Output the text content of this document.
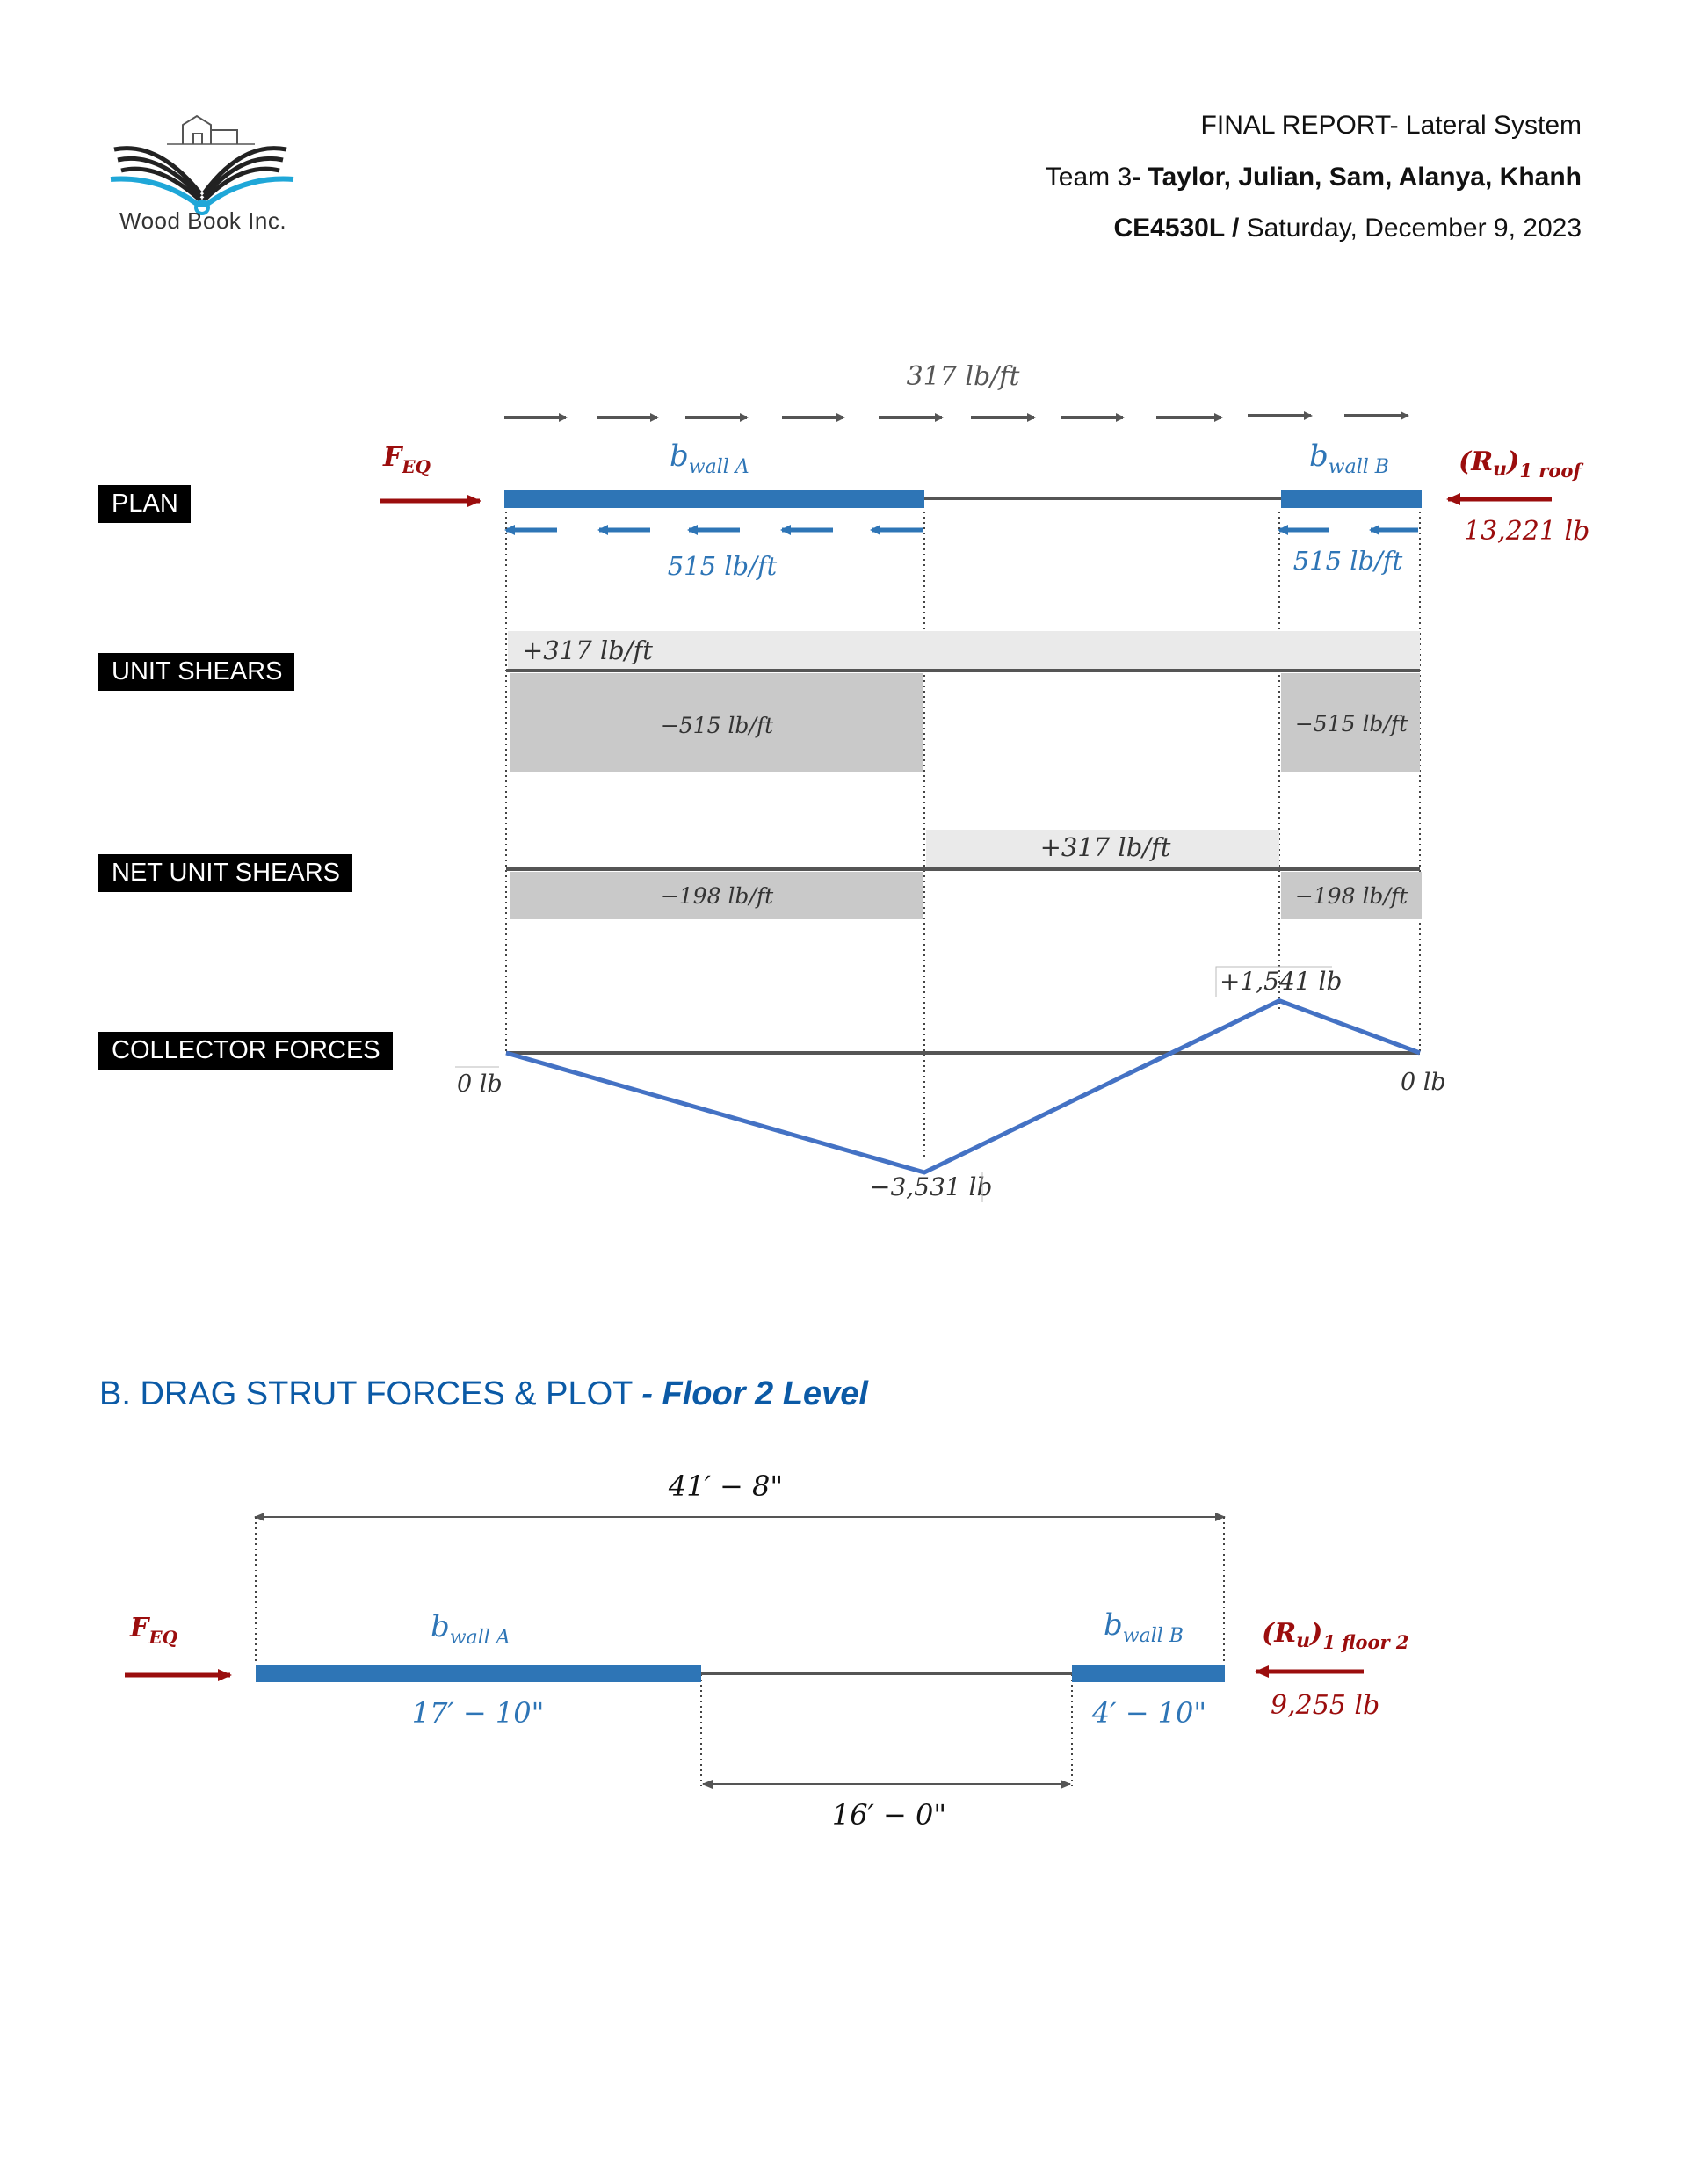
Wood Book Inc.
FINAL REPORT- Lateral System
Team 3- Taylor, Julian, Sam, Alanya, Khanh
CE4530L / Saturday, December 9, 2023
PLAN
UNIT SHEARS
NET UNIT SHEARS
COLLECTOR FORCES
B. DRAG STRUT FORCES & PLOT - Floor 2 Level
317 lb/ft
$F_{EQ}$	$b_{wall A}$	$b_{wall B}$	$(R_u)_{1 roof}$
13,221 lb
515 lb/ft	515 lb/ft
+317 lb/ft
−515 lb/ft	−515 lb/ft
+317 lb/ft
−198 lb/ft	−198 lb/ft
0 lb	0 lb
−3,531 lb
+1,541 lb
41′ − 8"
$F_{EQ}$	$b_{wall A}$	$b_{wall B}$
17′ − 10"	4′ − 10"
$(R_u)_{1 floor 2}$
9,255 lb
16′ − 0"
